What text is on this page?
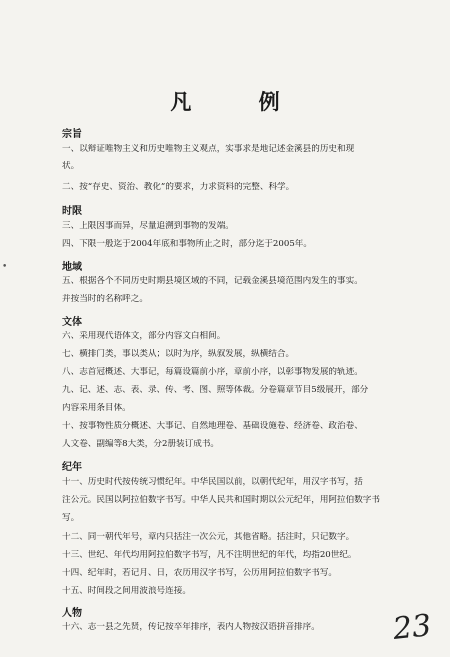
凡 例
宗旨
一、以辩证唯物主义和历史唯物主义观点，实事求是地记述金溪县的历史和现
状。
二、按“存史、资治、教化”的要求，力求资料的完整、科学。
时限
三、上限因事而异，尽量追溯到事物的发端。
四、下限一般迄于2004年底和事物所止之时，部分迄于2005年。
地域
五、根据各个不同历史时期县境区域的不同，记载金溪县境范围内发生的事实。
并按当时的名称呼之。
文体
六、采用现代语体文，部分内容文白相间。
七、横排门类，事以类从；以时为序，纵叙发展，纵横结合。
八、志首冠概述、大事记，每篇设篇前小序，章前小序，以彰事物发展的轨迹。
九、记、述、志、表、录、传、考、图、照等体裁。分卷篇章节目5级展开，部分
内容采用条目体。
十、按事物性质分概述、大事记、自然地理卷、基础设施卷、经济卷、政治卷、
人文卷、副编等8大类，分2册装订成书。
纪年
十一、历史时代按传统习惯纪年。中华民国以前，以朝代纪年，用汉字书写，括
注公元。民国以阿拉伯数字书写。中华人民共和国时期以公元纪年，用阿拉伯数字书
写。
十二、同一朝代年号，章内只括注一次公元，其他省略。括注时，只记数字。
十三、世纪、年代均用阿拉伯数字书写，凡不注明世纪的年代，均指20世纪。
十四、纪年时，若记月、日，农历用汉字书写，公历用阿拉伯数字书写。
十五、时间段之间用波浪号连接。
人物
十六、志一县之先贤，传记按卒年排序，表内人物按汉语拼音排序。
•
23
